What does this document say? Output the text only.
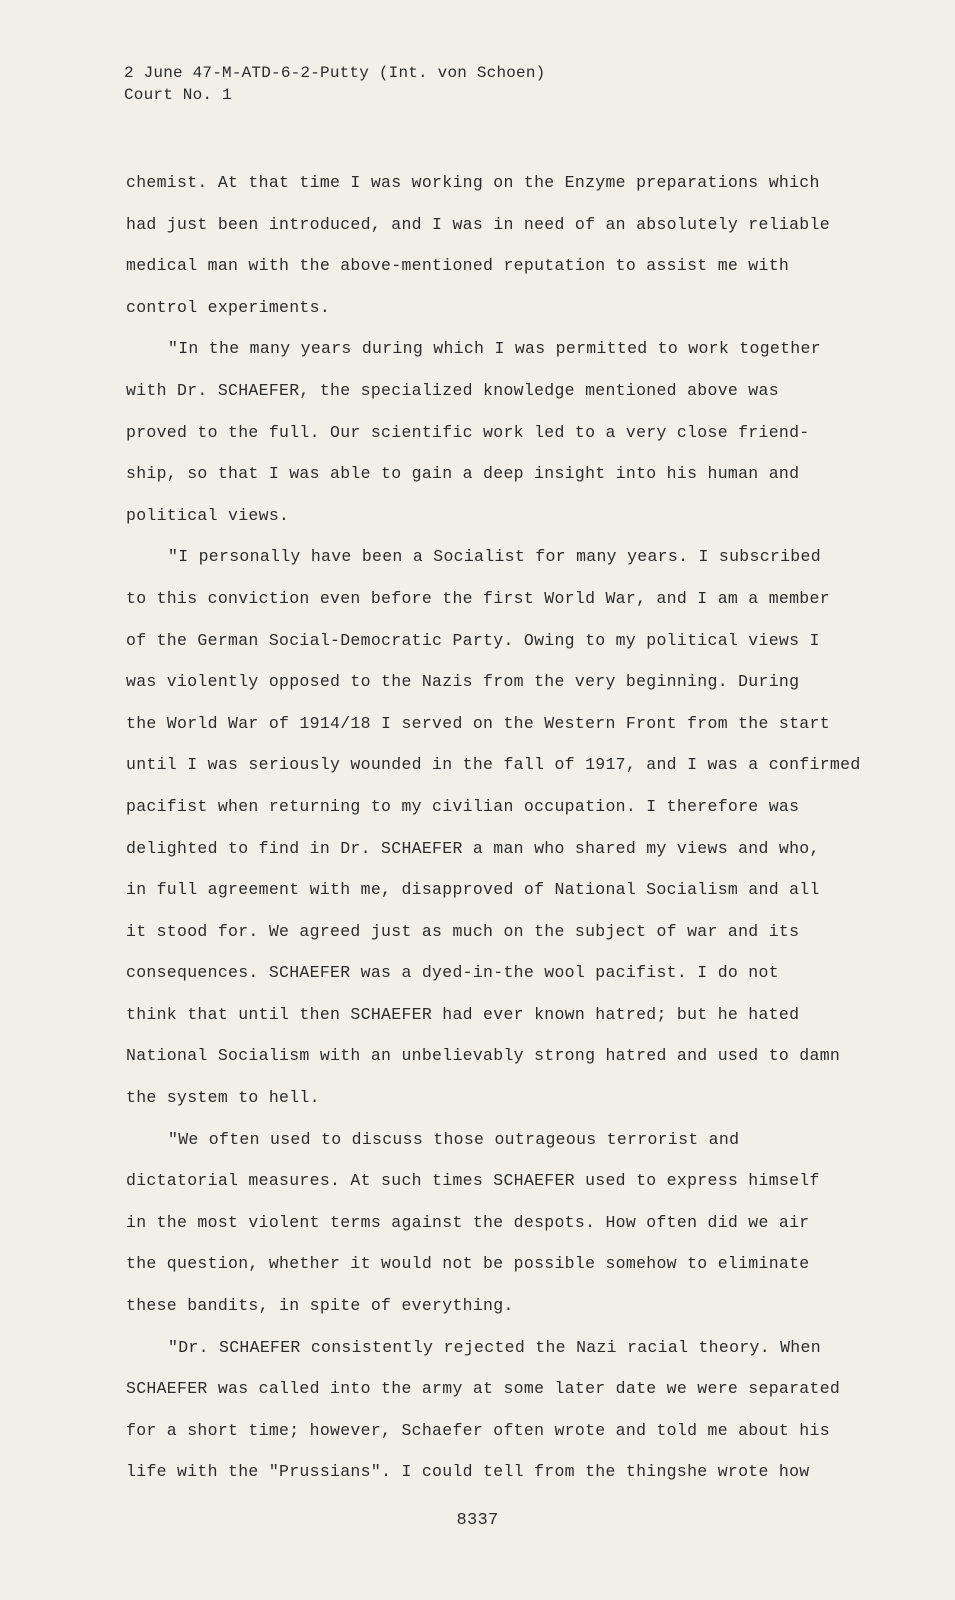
2 June 47-M-ATD-6-2-Putty (Int. von Schoen)
Court No. 1
chemist. At that time I was working on the Enzyme preparations which
had just been introduced, and I was in need of an absolutely reliable
medical man with the above-mentioned reputation to assist me with
control experiments.
"In the many years during which I was permitted to work together
with Dr. SCHAEFER, the specialized knowledge mentioned above was
proved to the full. Our scientific work led to a very close friend-
ship, so that I was able to gain a deep insight into his human and
political views.
"I personally have been a Socialist for many years. I subscribed
to this conviction even before the first World War, and I am a member
of the German Social-Democratic Party. Owing to my political views I
was violently opposed to the Nazis from the very beginning. During
the World War of 1914/18 I served on the Western Front from the start
until I was seriously wounded in the fall of 1917, and I was a confirmed
pacifist when returning to my civilian occupation. I therefore was
delighted to find in Dr. SCHAEFER a man who shared my views and who,
in full agreement with me, disapproved of National Socialism and all
it stood for. We agreed just as much on the subject of war and its
consequences. SCHAEFER was a dyed-in-the wool pacifist. I do not
think that until then SCHAEFER had ever known hatred; but he hated
National Socialism with an unbelievably strong hatred and used to damn
the system to hell.
"We often used to discuss those outrageous terrorist and
dictatorial measures. At such times SCHAEFER used to express himself
in the most violent terms against the despots. How often did we air
the question, whether it would not be possible somehow to eliminate
these bandits, in spite of everything.
"Dr. SCHAEFER consistently rejected the Nazi racial theory. When
SCHAEFER was called into the army at some later date we were separated
for a short time; however, Schaefer often wrote and told me about his
life with the "Prussians". I could tell from the thingshe wrote how
8337
